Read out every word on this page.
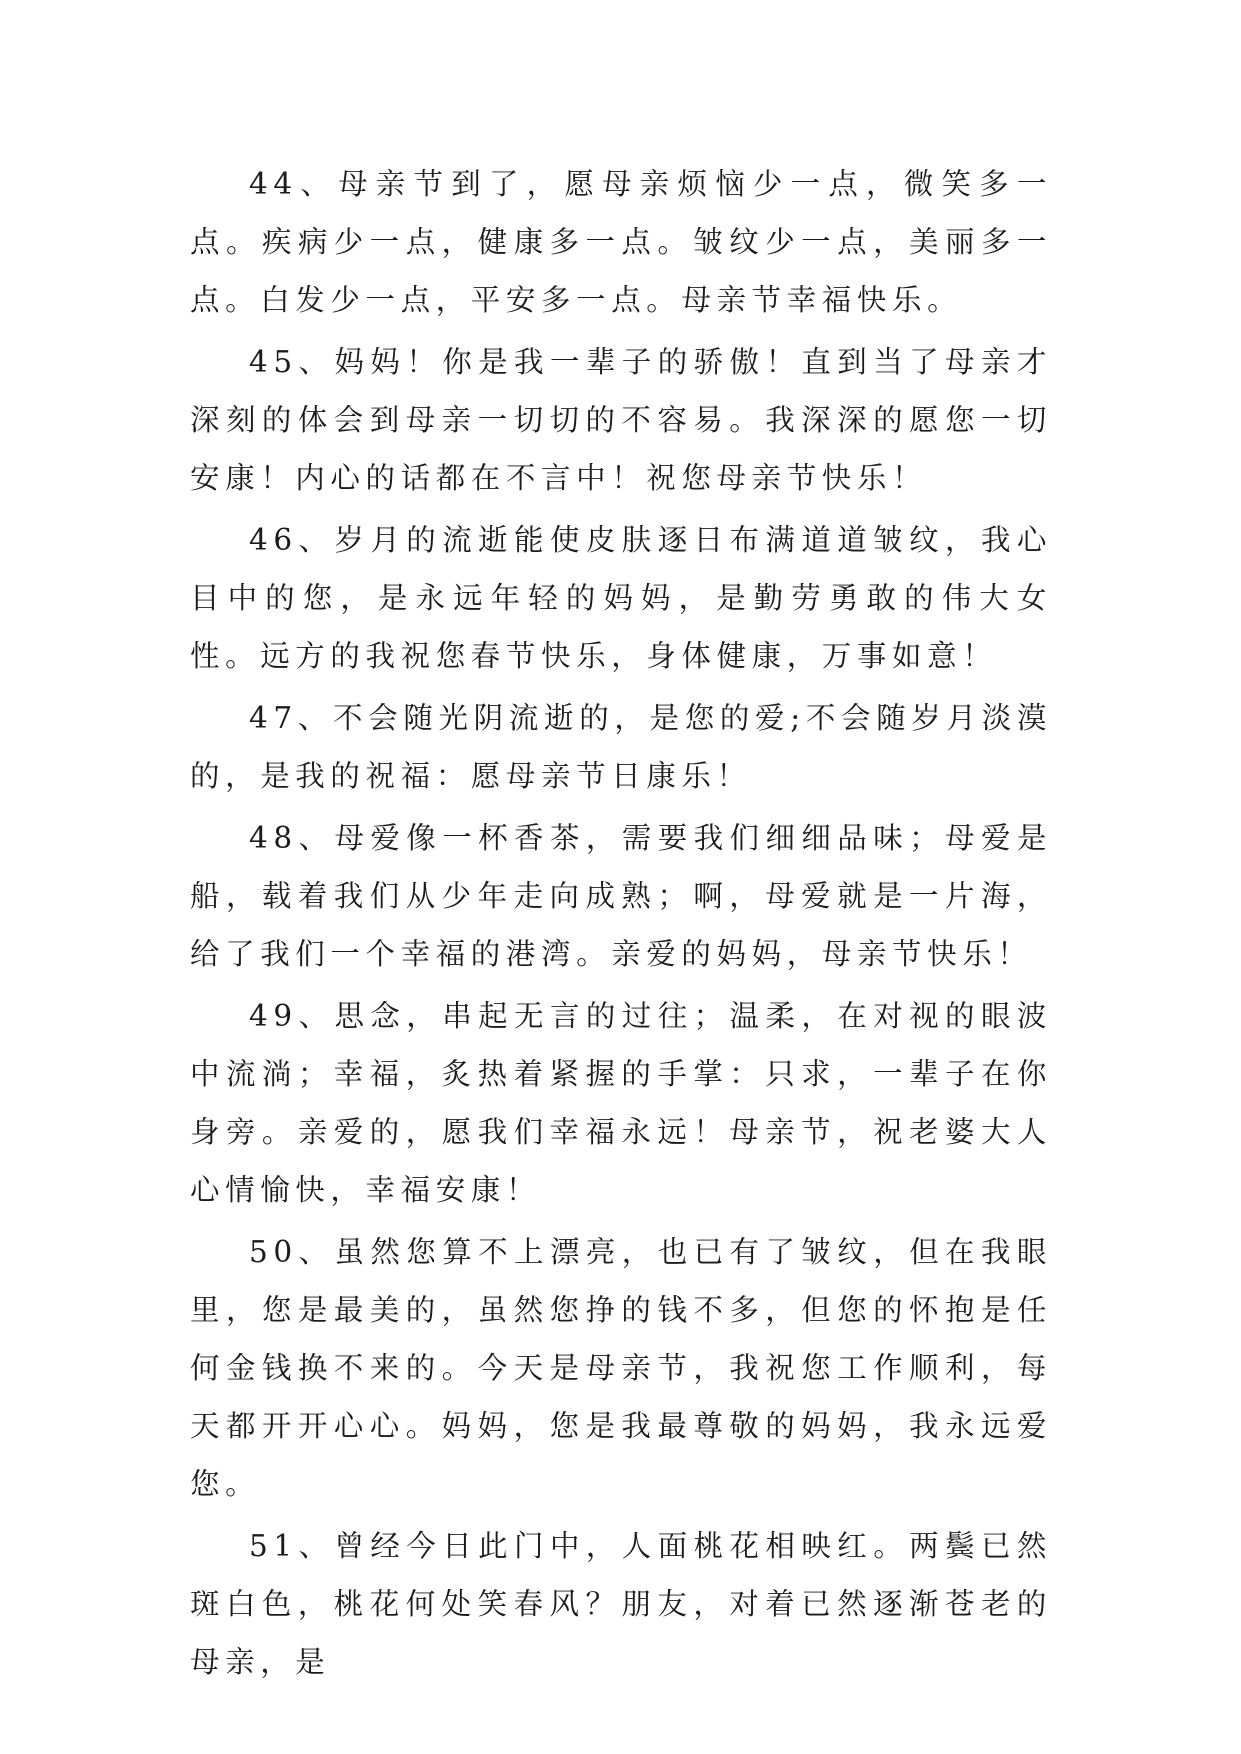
44、母亲节到了，愿母亲烦恼少一点，微笑多一点。疾病少一点，健康多一点。皱纹少一点，美丽多一点。白发少一点，平安多一点。母亲节幸福快乐。

45、妈妈！你是我一辈子的骄傲！直到当了母亲才深刻的体会到母亲一切切的不容易。我深深的愿您一切安康！内心的话都在不言中！祝您母亲节快乐！

46、岁月的流逝能使皮肤逐日布满道道皱纹，我心目中的您，是永远年轻的妈妈，是勤劳勇敢的伟大女性。远方的我祝您春节快乐，身体健康，万事如意！

47、不会随光阴流逝的，是您的爱;不会随岁月淡漠的，是我的祝福：愿母亲节日康乐！

48、母爱像一杯香茶，需要我们细细品味；母爱是船，载着我们从少年走向成熟；啊，母爱就是一片海，给了我们一个幸福的港湾。亲爱的妈妈，母亲节快乐！

49、思念，串起无言的过往；温柔，在对视的眼波中流淌；幸福，炙热着紧握的手掌：只求，一辈子在你身旁。亲爱的，愿我们幸福永远！母亲节，祝老婆大人心情愉快，幸福安康！

50、虽然您算不上漂亮，也已有了皱纹，但在我眼里，您是最美的，虽然您挣的钱不多，但您的怀抱是任何金钱换不来的。今天是母亲节，我祝您工作顺利，每天都开开心心。妈妈，您是我最尊敬的妈妈，我永远爱您。

51、曾经今日此门中，人面桃花相映红。两鬓已然斑白色，桃花何处笑春风？朋友，对着已然逐渐苍老的母亲，是
